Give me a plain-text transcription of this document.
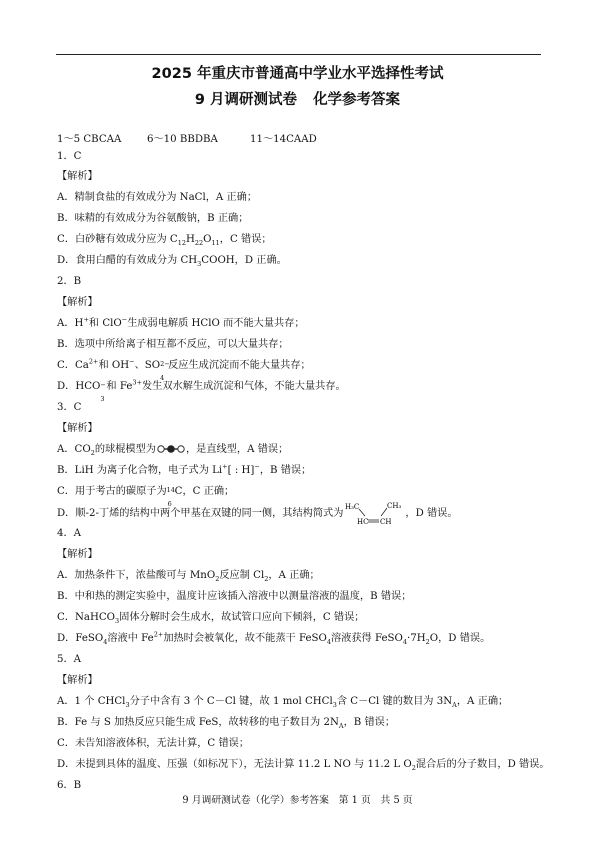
2025 年重庆市普通高中学业水平选择性考试
9 月调研测试卷 化学参考答案
1～5 CBCAA	6～10 BBDBA	11～14CAAD
1．C
【解析】
A．精制食盐的有效成分为 NaCl，A 正确；
B．味精的有效成分为谷氨酸钠，B 正确；
C．白砂糖有效成分应为 $C_{12}H_{22}O_{11}$，C 错误；
D．食用白醋的有效成分为 $CH_3COOH$，D 正确。
2．B
【解析】
A．H+和 ClO−生成弱电解质 HClO 而不能大量共存；
B．选项中所给离子相互都不反应，可以大量共存；
C．$Ca^{2+}$和 OH−、SO 2−
4
反应生成沉淀而不能大量共存；
D．HCO −
3
和 $Fe^{3+}$发生双水解生成沉淀和气体，不能大量共存。
3．C
【解析】
A．$CO_2$的球棍模型为	，是直线型，A 错误；
B．LiH 为离子化合物，电子式为 Li+[ : H]−，B 错误；
C．用于考古的碳原子为 14
6
C，C 正确；
D．顺-2-丁烯的结构中两个甲基在双键的同一侧，其结构简式为
H₃C	CH₃
HC CH
，D 错误。
4．A
【解析】
A．加热条件下，浓盐酸可与 MnO$_2$反应制 $Cl_2$，A 正确；
B．中和热的测定实验中，温度计应该插入溶液中以测量溶液的温度，B 错误；
C．NaHCO$_3$固体分解时会生成水，故试管口应向下倾斜，C 错误；
D．FeSO$_4$溶液中 $Fe^{2+}$加热时会被氧化，故不能蒸干 FeSO$_4$溶液获得 $FeSO_4\cdot 7H_2O$，D 错误。
5．A
【解析】
A．1 个 CHCl$_3$分子中含有 3 个 C－Cl 键，故 1 mol CHCl$_3$含 C－Cl 键的数目为 $3N_A$，A 正确；
B．Fe 与 S 加热反应只能生成 FeS，故转移的电子数目为 $2N_A$，B 错误；
C．未告知溶液体积，无法计算，C 错误；
D．未提到具体的温度、压强（如标况下），无法计算 11.2 L NO 与 11.2 L $O_2$混合后的分子数目，D 错误。
6．B
9 月调研测试卷（化学）参考答案　第 1 页　共 5 页
